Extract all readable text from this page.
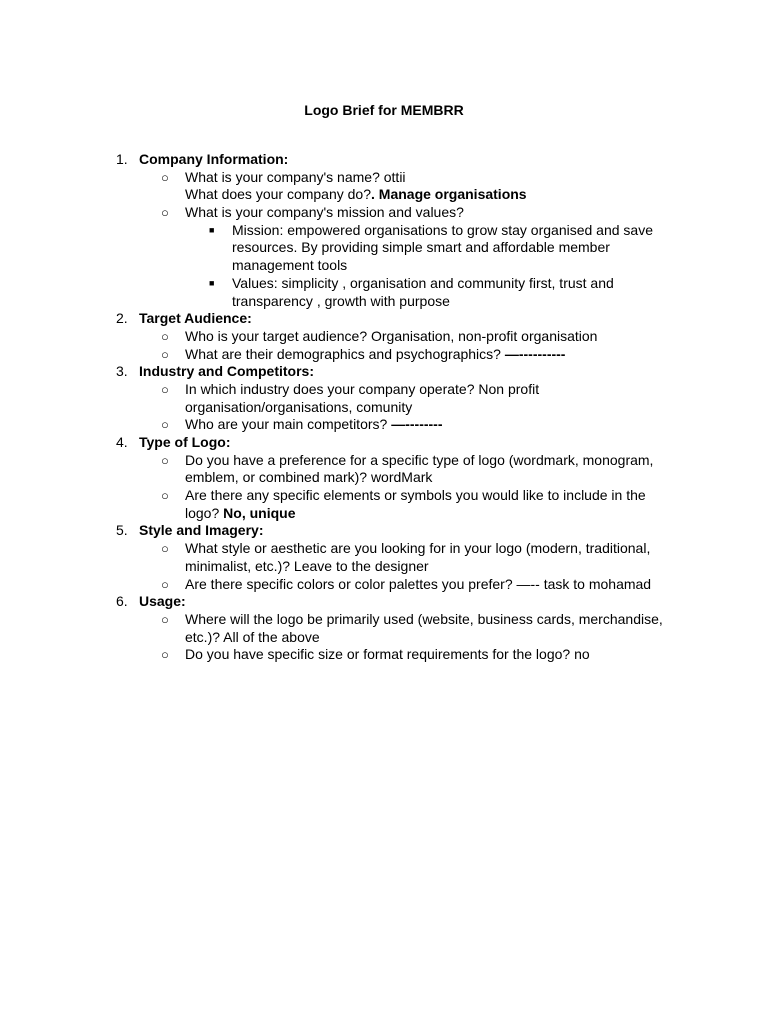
Logo Brief for MEMBRR
1. Company Information:
○ What is your company's name? ottii
What does your company do?. Manage organisations
○ What is your company's mission and values?
■ Mission: empowered organisations to grow stay organised and save
resources. By providing simple smart and affordable member
management tools
■ Values: simplicity , organisation and community first, trust and
transparency , growth with purpose
2. Target Audience:
○ Who is your target audience? Organisation, non-profit organisation
○ What are their demographics and psychographics? —----------
3. Industry and Competitors:
○ In which industry does your company operate? Non profit
organisation/organisations, comunity
○ Who are your main competitors? —--------
4. Type of Logo:
○ Do you have a preference for a specific type of logo (wordmark, monogram,
emblem, or combined mark)? wordMark
○ Are there any specific elements or symbols you would like to include in the
logo? No, unique
5. Style and Imagery:
○ What style or aesthetic are you looking for in your logo (modern, traditional,
minimalist, etc.)? Leave to the designer
○ Are there specific colors or color palettes you prefer? —-- task to mohamad
6. Usage:
○ Where will the logo be primarily used (website, business cards, merchandise,
etc.)? All of the above
○ Do you have specific size or format requirements for the logo? no
